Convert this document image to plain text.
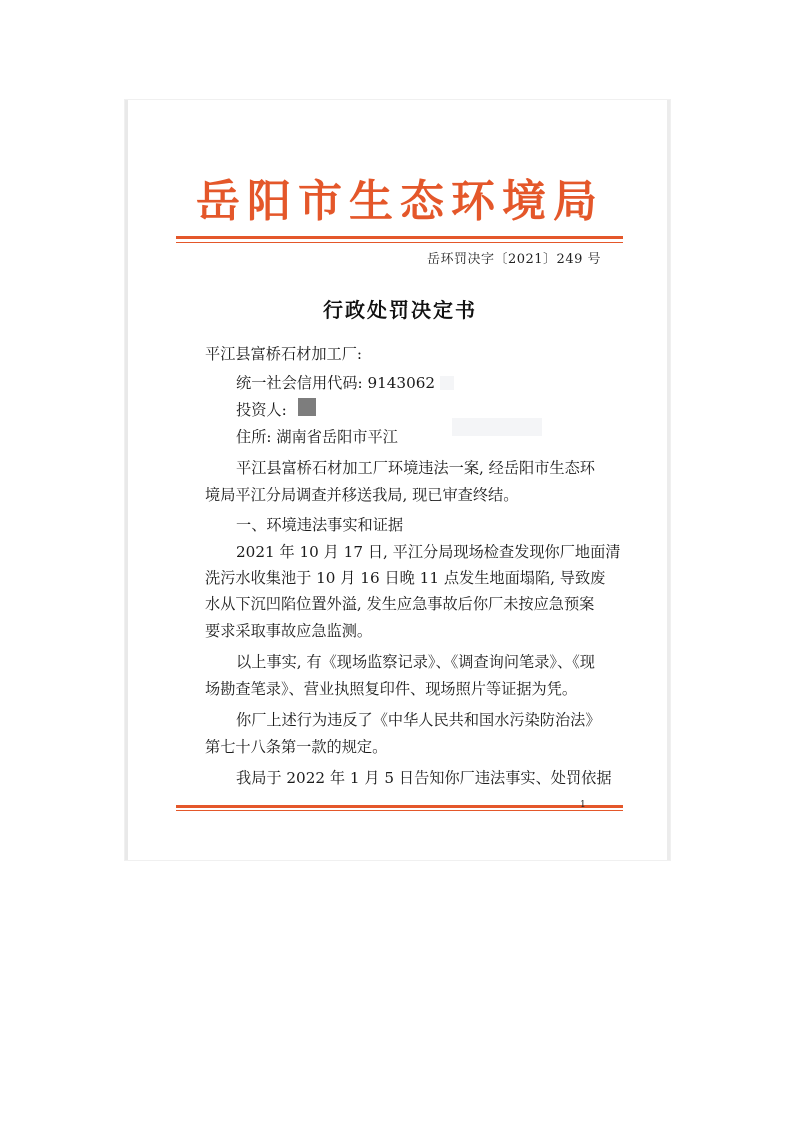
岳阳市生态环境局
岳环罚决字〔2021〕249 号
行政处罚决定书
平江县富桥石材加工厂:
统一社会信用代码: 9143062
投资人:
住所: 湖南省岳阳市平江
平江县富桥石材加工厂环境违法一案, 经岳阳市生态环
境局平江分局调查并移送我局, 现已审查终结。
一、环境违法事实和证据
2021 年 10 月 17 日, 平江分局现场检查发现你厂地面清
洗污水收集池于 10 月 16 日晚 11 点发生地面塌陷, 导致废
水从下沉凹陷位置外溢, 发生应急事故后你厂未按应急预案
要求采取事故应急监测。
以上事实, 有《现场监察记录》、《调查询问笔录》、《现
场勘查笔录》、营业执照复印件、现场照片等证据为凭。
你厂上述行为违反了《中华人民共和国水污染防治法》
第七十八条第一款的规定。
我局于 2022 年 1 月 5 日告知你厂违法事实、处罚依据
1
